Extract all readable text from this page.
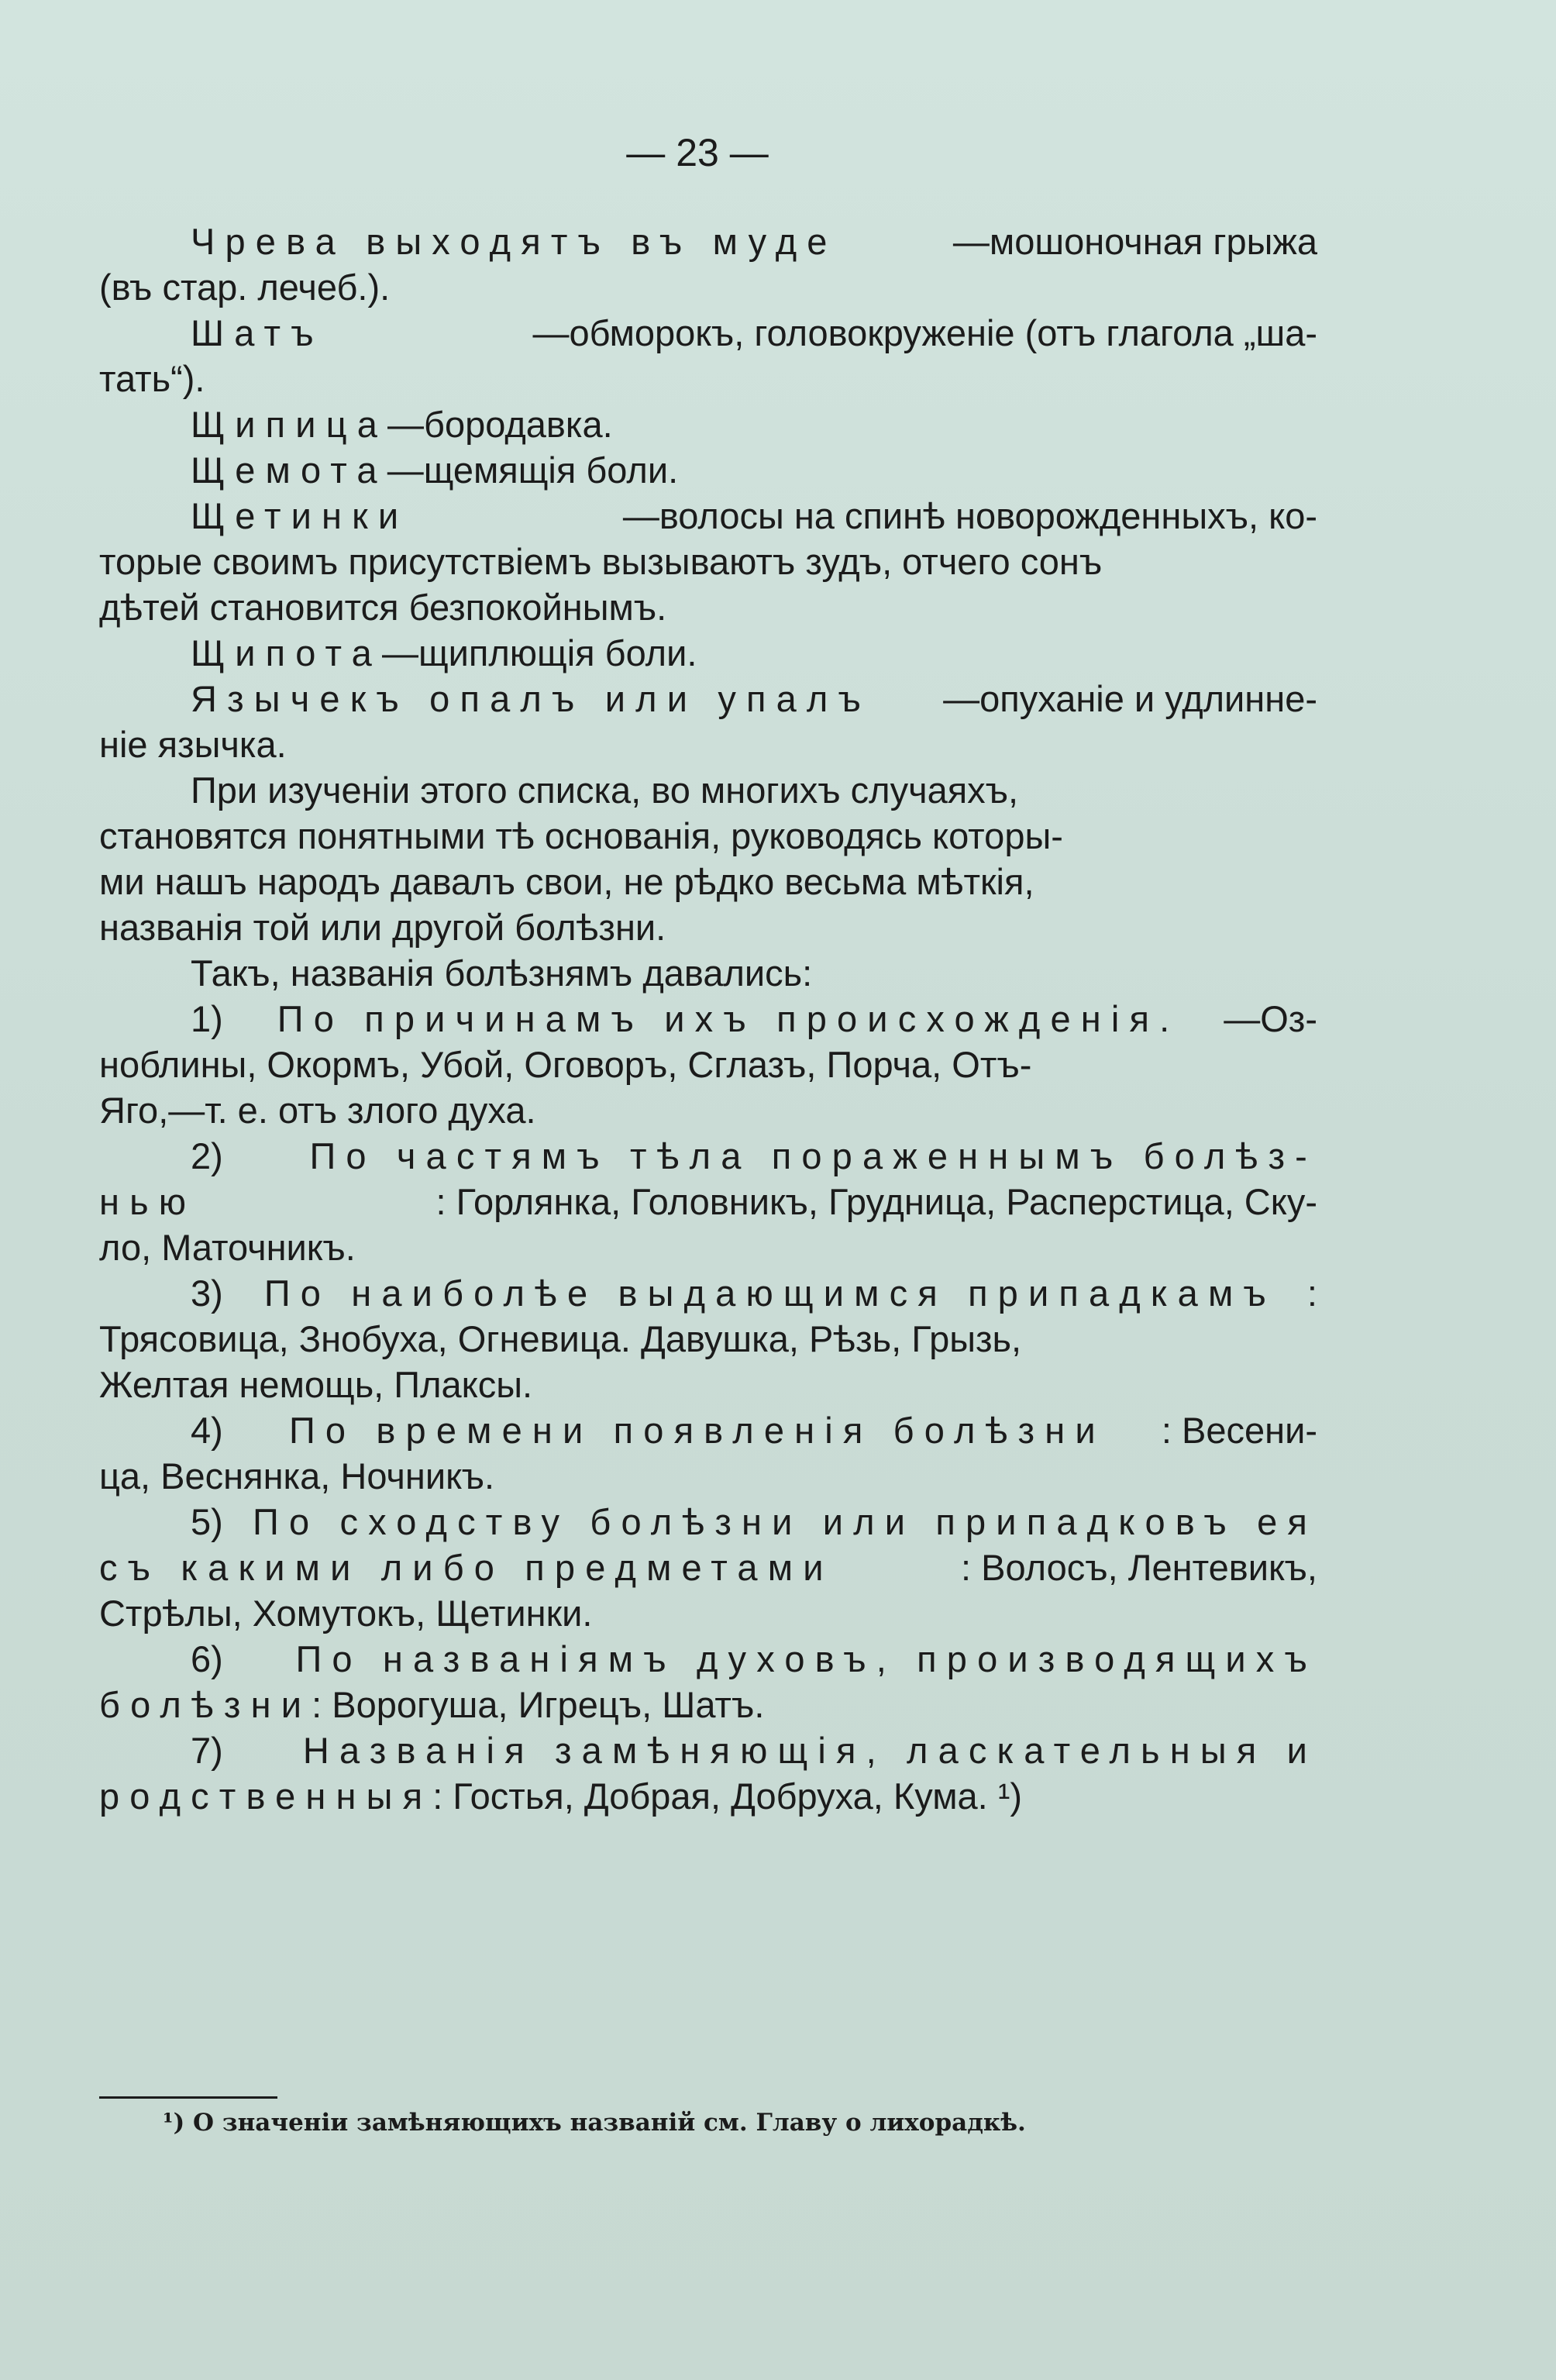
— 23 —
Чрева выходятъ въ муде	—мошоночная грыжа
(въ стар. лечеб.).
Шатъ	—обморокъ, головокруженіе (отъ глагола „ша-
тать“).
Щипица —бородавка.
Щемота —щемящія боли.
Щетинки	—волосы на спинѣ новорожденныхъ, ко-
торые своимъ присутствіемъ вызываютъ зудъ, отчего сонъ
дѣтей становится безпокойнымъ.
Щипота —щиплющія боли.
Язычекъ опалъ или упалъ —опуханіе и удлинне-
ніе язычка.
При изученіи этого списка, во многихъ случаяхъ,
становятся понятными тѣ основанія, руководясь которы-
ми нашъ народъ давалъ свои, не рѣдко весьма мѣткія,
названія той или другой болѣзни.
Такъ, названія болѣзнямъ давались:
1) По причинамъ ихъ происхожденія. —Оз-
ноблины, Окормъ, Убой, Оговоръ, Сглазъ, Порча, Отъ-
Яго,—т. е. отъ злого духа.
2) По частямъ тѣла пораженнымъ болѣз-
нью	: Горлянка, Головникъ, Грудница, Расперстица, Ску-
ло, Маточникъ.
3) По наиболѣе выдающимся припадкамъ :
Трясовица, Знобуха, Огневица. Давушка, Рѣзь, Грызь,
Желтая немощь, Плаксы.
4) По времени появленія болѣзни : Весени-
ца, Веснянка, Ночникъ.
5) По сходству болѣзни или припадковъ ея
съ какими либо предметами	: Волосъ, Лентевикъ,
Стрѣлы, Хомутокъ, Щетинки.
6) По названіямъ духовъ, производящихъ
болѣзни : Ворогуша, Игрецъ, Шатъ.
7) Названія замѣняющія, ласкательныя и
родственныя : Гостья, Добрая, Добруха, Кума. ¹)
¹) О значеніи замѣняющихъ названій см. Главу о лихорадкѣ.
